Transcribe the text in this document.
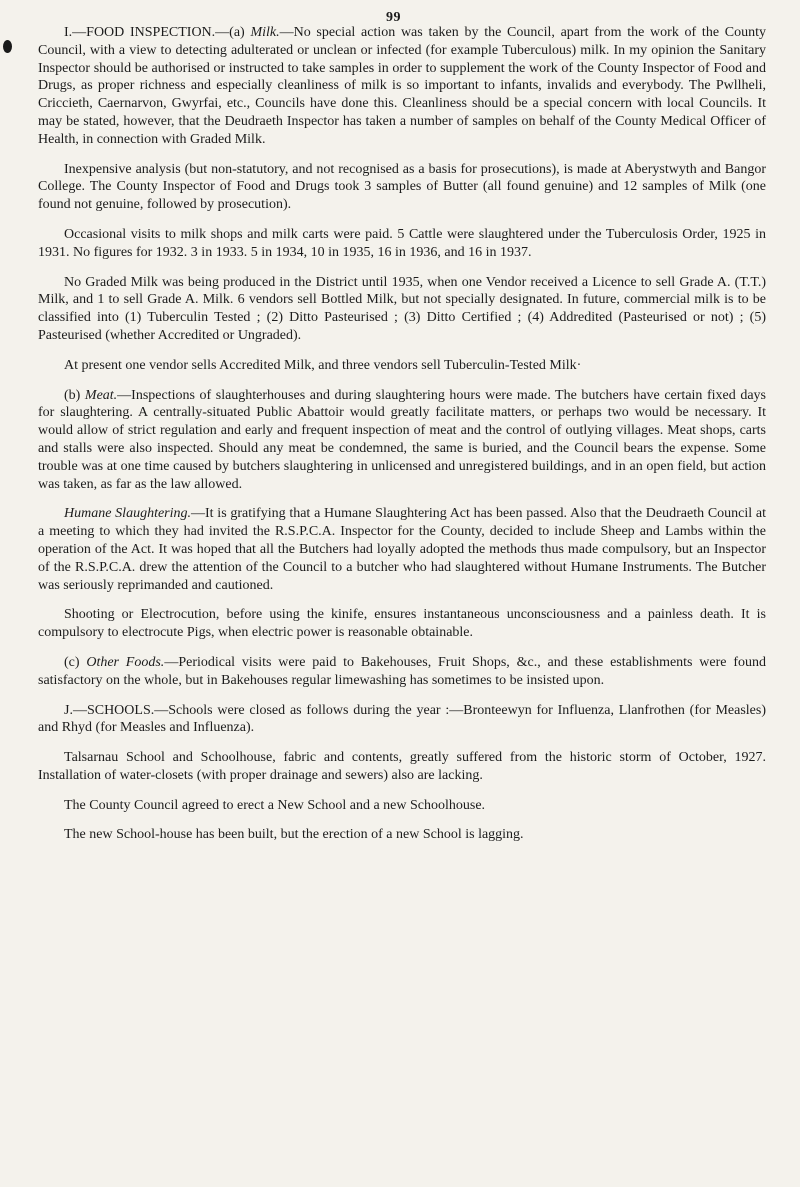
99

I.—FOOD INSPECTION.—(a) Milk.—No special action was taken by the Council, apart from the work of the County Council, with a view to detecting adulterated or unclean or infected (for example Tuberculous) milk. In my opinion the Sanitary Inspector should be authorised or instructed to take samples in order to supplement the work of the County Inspector of Food and Drugs, as proper richness and especially cleanliness of milk is so important to infants, invalids and everybody. The Pwllheli, Criccieth, Caernarvon, Gwyrfai, etc., Councils have done this. Cleanliness should be a special concern with local Councils. It may be stated, however, that the Deudraeth Inspector has taken a number of samples on behalf of the County Medical Officer of Health, in connection with Graded Milk.

Inexpensive analysis (but non-statutory, and not recognised as a basis for prosecutions), is made at Aberystwyth and Bangor College. The County Inspector of Food and Drugs took 3 samples of Butter (all found genuine) and 12 samples of Milk (one found not genuine, followed by prosecution).

Occasional visits to milk shops and milk carts were paid. 5 Cattle were slaughtered under the Tuberculosis Order, 1925 in 1931. No figures for 1932. 3 in 1933. 5 in 1934, 10 in 1935, 16 in 1936, and 16 in 1937.

No Graded Milk was being produced in the District until 1935, when one Vendor received a Licence to sell Grade A. (T.T.) Milk, and 1 to sell Grade A. Milk. 6 vendors sell Bottled Milk, but not specially designated. In future, commercial milk is to be classified into (1) Tuberculin Tested ; (2) Ditto Pasteurised ; (3) Ditto Certified ; (4) Addredited (Pasteurised or not) ; (5) Pasteurised (whether Accredited or Ungraded).

At present one vendor sells Accredited Milk, and three vendors sell Tuberculin-Tested Milk·

(b) Meat.—Inspections of slaughterhouses and during slaughtering hours were made. The butchers have certain fixed days for slaughtering. A centrally-situated Public Abattoir would greatly facilitate matters, or perhaps two would be necessary. It would allow of strict regulation and early and frequent inspection of meat and the control of outlying villages. Meat shops, carts and stalls were also inspected. Should any meat be condemned, the same is buried, and the Council bears the expense. Some trouble was at one time caused by butchers slaughtering in unlicensed and unregistered buildings, and in an open field, but action was taken, as far as the law allowed.

Humane Slaughtering.—It is gratifying that a Humane Slaughtering Act has been passed. Also that the Deudraeth Council at a meeting to which they had invited the R.S.P.C.A. Inspector for the County, decided to include Sheep and Lambs within the operation of the Act. It was hoped that all the Butchers had loyally adopted the methods thus made compulsory, but an Inspector of the R.S.P.C.A. drew the attention of the Council to a butcher who had slaughtered without Humane Instruments. The Butcher was seriously reprimanded and cautioned.

Shooting or Electrocution, before using the kinife, ensures instantaneous unconsciousness and a painless death. It is compulsory to electrocute Pigs, when electric power is reasonable obtainable.

(c) Other Foods.—Periodical visits were paid to Bakehouses, Fruit Shops, &c., and these establishments were found satisfactory on the whole, but in Bakehouses regular limewashing has sometimes to be insisted upon.

J.—SCHOOLS.—Schools were closed as follows during the year :—Bronteewyn for Influenza, Llanfrothen (for Measles) and Rhyd (for Measles and Influenza).

Talsarnau School and Schoolhouse, fabric and contents, greatly suffered from the historic storm of October, 1927. Installation of water-closets (with proper drainage and sewers) also are lacking.

The County Council agreed to erect a New School and a new Schoolhouse.

The new School-house has been built, but the erection of a new School is lagging.
